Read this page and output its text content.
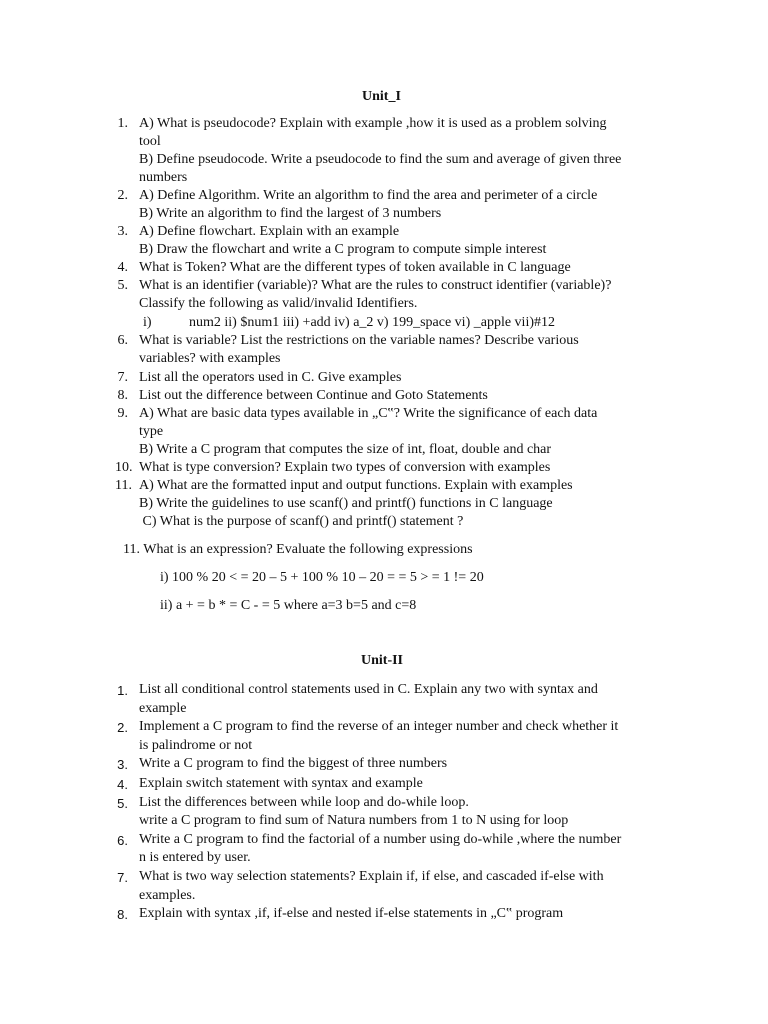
Unit_I
1. A) What is pseudocode? Explain with example ,how it is used as a problem solving
tool
B) Define pseudocode. Write a pseudocode to find the sum and average of given three
numbers
2. A) Define Algorithm. Write an algorithm to find the area and perimeter of a circle
B) Write an algorithm to find the largest of 3 numbers
3. A) Define flowchart. Explain with an example
B) Draw the flowchart and write a C program to compute simple interest
4. What is Token? What are the different types of token available in C language
5. What is an identifier (variable)? What are the rules to construct identifier (variable)?
Classify the following as valid/invalid Identifiers.
i)	num2 ii) $num1 iii) +add iv) a_2 v) 199_space vi) _apple vii)#12
6. What is variable? List the restrictions on the variable names? Describe various
variables? with examples
7. List all the operators used in C. Give examples
8. List out the difference between Continue and Goto Statements
9. A) What are basic data types available in „C‟? Write the significance of each data
type
B) Write a C program that computes the size of int, float, double and char
10. What is type conversion? Explain two types of conversion with examples
11. A) What are the formatted input and output functions. Explain with examples
B) Write the guidelines to use scanf() and printf() functions in C language
C) What is the purpose of scanf() and printf() statement ?
11. What is an expression? Evaluate the following expressions
i) 100 % 20 < = 20 – 5 + 100 % 10 – 20 = = 5 > = 1 != 20
ii) a + = b * = C - = 5 where a=3 b=5 and c=8
Unit-II
1. List all conditional control statements used in C. Explain any two with syntax and
example
2. Implement a C program to find the reverse of an integer number and check whether it
is palindrome or not
3. Write a C program to find the biggest of three numbers
4. Explain switch statement with syntax and example
5. List the differences between while loop and do-while loop.
write a C program to find sum of Natura numbers from 1 to N using for loop
6. Write a C program to find the factorial of a number using do-while ,where the number
n is entered by user.
7. What is two way selection statements? Explain if, if else, and cascaded if-else with
examples.
8. Explain with syntax ,if, if-else and nested if-else statements in „C‟ program
